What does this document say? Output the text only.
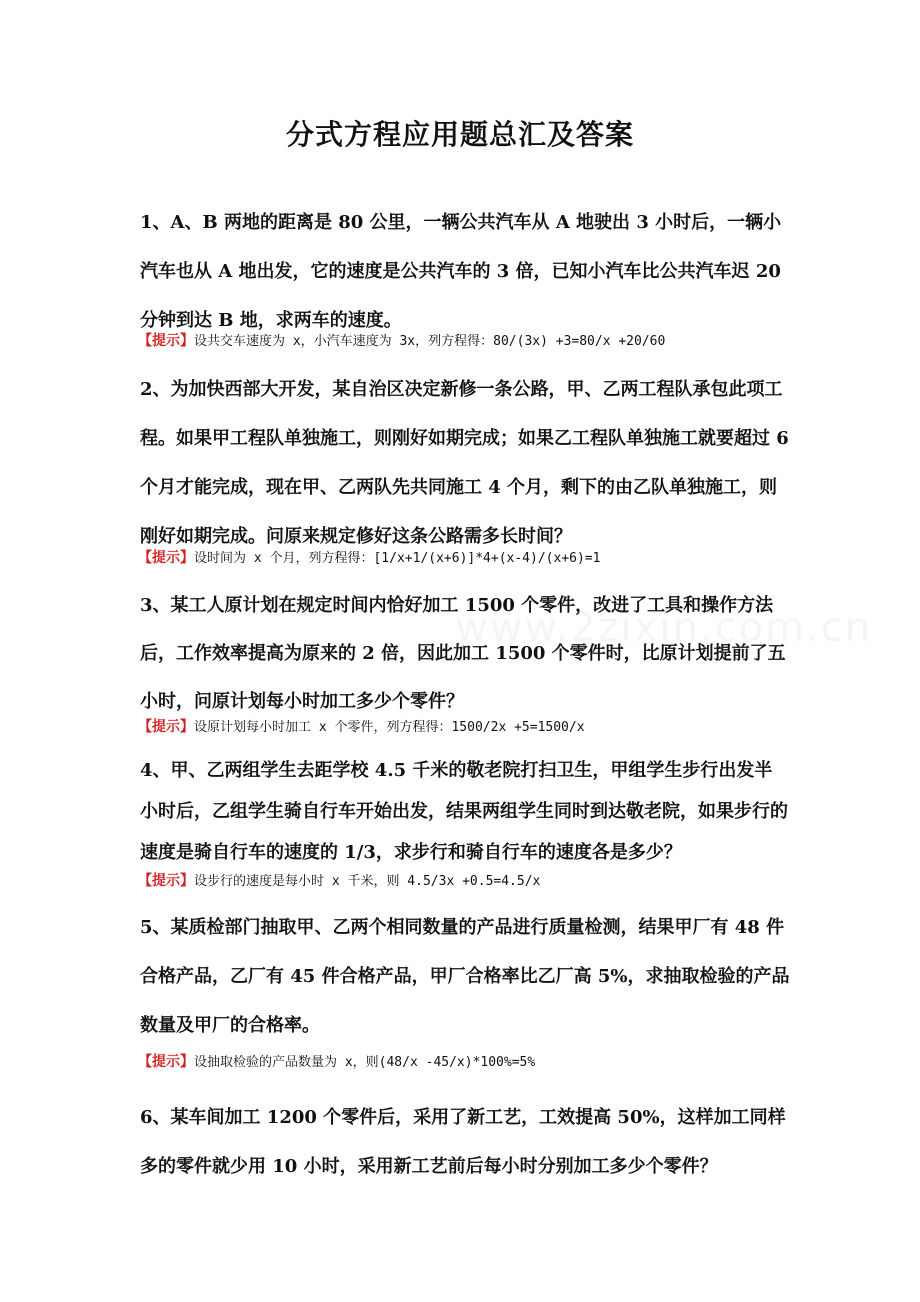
www.2zixin.com.cn
分式方程应用题总汇及答案

1、A、B 两地的距离是 80 公里，一辆公共汽车从 A 地驶出 3 小时后，一辆小汽车也从 A 地出发，它的速度是公共汽车的 3 倍，已知小汽车比公共汽车迟 20 分钟到达 B 地，求两车的速度。

【提示】设共交车速度为 x，小汽车速度为 3x，列方程得：80/(3x) +3=80/x +20/60

2、为加快西部大开发，某自治区决定新修一条公路，甲、乙两工程队承包此项工程。如果甲工程队单独施工，则刚好如期完成；如果乙工程队单独施工就要超过 6 个月才能完成，现在甲、乙两队先共同施工 4 个月，剩下的由乙队单独施工，则刚好如期完成。问原来规定修好这条公路需多长时间？

【提示】设时间为 x 个月，列方程得：[1/x+1/(x+6)]*4+(x-4)/(x+6)=1

3、某工人原计划在规定时间内恰好加工 1500 个零件，改进了工具和操作方法后，工作效率提高为原来的 2 倍，因此加工 1500 个零件时，比原计划提前了五小时，问原计划每小时加工多少个零件？

【提示】设原计划每小时加工 x 个零件，列方程得：1500/2x +5=1500/x

4、甲、乙两组学生去距学校 4.5 千米的敬老院打扫卫生，甲组学生步行出发半小时后，乙组学生骑自行车开始出发，结果两组学生同时到达敬老院，如果步行的速度是骑自行车的速度的 1/3，求步行和骑自行车的速度各是多少？

【提示】设步行的速度是每小时 x 千米，则 4.5/3x +0.5=4.5/x

5、某质检部门抽取甲、乙两个相同数量的产品进行质量检测，结果甲厂有 48 件合格产品，乙厂有 45 件合格产品，甲厂合格率比乙厂高 5%，求抽取检验的产品数量及甲厂的合格率。

【提示】设抽取检验的产品数量为 x，则(48/x -45/x)*100%=5%

6、某车间加工 1200 个零件后，采用了新工艺，工效提高 50%，这样加工同样多的零件就少用 10 小时，采用新工艺前后每小时分别加工多少个零件？
